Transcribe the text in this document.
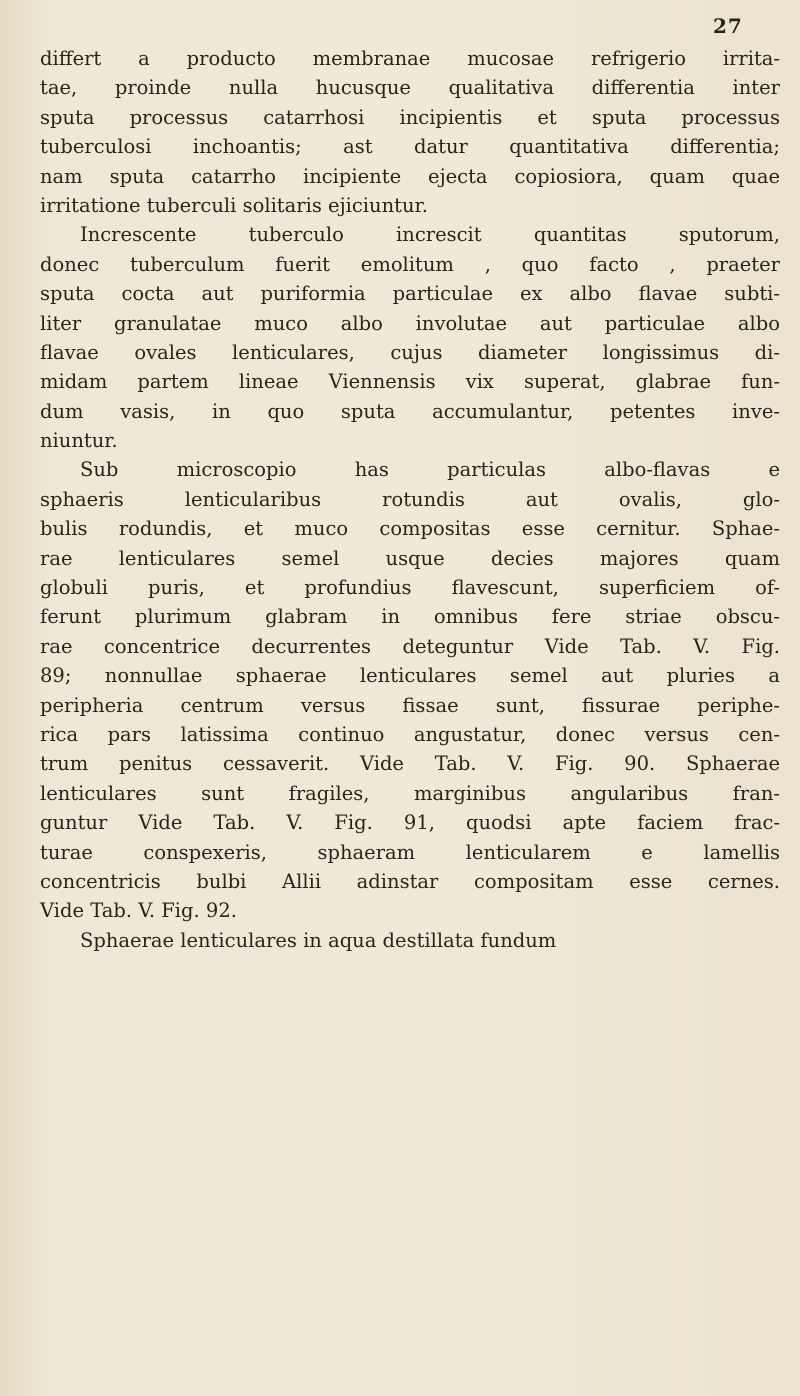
27
differt a producto membranae mucosae refrigerio irrita-
tae, proinde nulla hucusque qualitativa differentia inter
sputa processus catarrhosi incipientis et sputa processus
tuberculosi inchoantis; ast datur quantitativa differentia;
nam sputa catarrho incipiente ejecta copiosiora, quam quae
irritatione tuberculi solitaris ejiciuntur.
Increscente tuberculo increscit quantitas sputorum,
donec tuberculum fuerit emolitum , quo facto , praeter
sputa cocta aut puriformia particulae ex albo flavae subti-
liter granulatae muco albo involutae aut particulae albo
flavae ovales lenticulares, cujus diameter longissimus di-
midam partem lineae Viennensis vix superat, glabrae fun-
dum vasis, in quo sputa accumulantur, petentes inve-
niuntur.
Sub microscopio has particulas albo-flavas e
sphaeris lenticularibus rotundis aut ovalis, glo-
bulis rodundis, et muco compositas esse cernitur. Sphae-
rae lenticulares semel usque decies majores quam
globuli puris, et profundius flavescunt, superficiem of-
ferunt plurimum glabram in omnibus fere striae obscu-
rae concentrice decurrentes deteguntur Vide Tab. V. Fig.
89; nonnullae sphaerae lenticulares semel aut pluries a
peripheria centrum versus fissae sunt, fissurae periphe-
rica pars latissima continuo angustatur, donec versus cen-
trum penitus cessaverit. Vide Tab. V. Fig. 90. Sphaerae
lenticulares sunt fragiles, marginibus angularibus fran-
guntur Vide Tab. V. Fig. 91, quodsi apte faciem frac-
turae conspexeris, sphaeram lenticularem e lamellis
concentricis bulbi Allii adinstar compositam esse cernes.
Vide Tab. V. Fig. 92.
Sphaerae lenticulares in aqua destillata fundum
